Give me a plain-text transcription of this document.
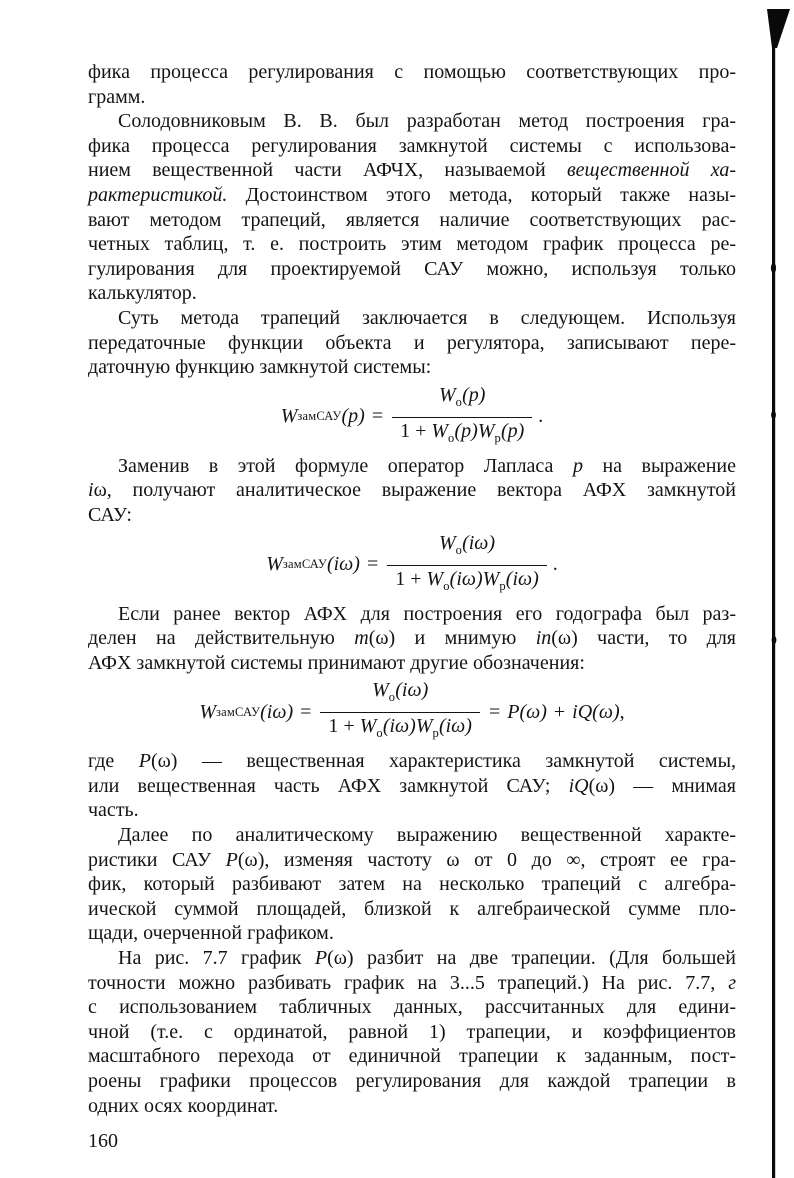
фика процесса регулирования с помощью соответствующих про-
грамм.
Солодовниковым В. В. был разработан метод построения гра-
фика процесса регулирования замкнутой системы с использова-
нием вещественной части АФЧХ, называемой вещественной ха-
рактеристикой. Достоинством этого метода, который также назы-
вают методом трапеций, является наличие соответствующих рас-
четных таблиц, т. е. построить этим методом график процесса ре-
гулирования для проектируемой САУ можно, используя только
калькулятор.
Суть метода трапеций заключается в следующем. Используя
передаточные функции объекта и регулятора, записывают пере-
даточную функцию замкнутой системы:
W замСАУ $(p) = \frac{W_о(p)}{1 + W_о(p)W_р(p)}$ .
Заменив в этой формуле оператор Лапласа p на выражение
iω, получают аналитическое выражение вектора АФХ замкнутой
САУ:
W замСАУ $(i\omega) = \frac{W_о(i\omega)}{1 + W_о(i\omega)W_р(i\omega)}$ .
Если ранее вектор АФХ для построения его годографа был раз-
делен на действительную m(ω) и мнимую in(ω) части, то для
АФХ замкнутой системы принимают другие обозначения:
W замСАУ $(i\omega) = \frac{W_о(i\omega)}{1 + W_о(i\omega)W_р(i\omega)} = P$ (ω) + iQ (ω) ,
где P(ω) — вещественная характеристика замкнутой системы,
или вещественная часть АФХ замкнутой САУ; iQ(ω) — мнимая
часть.
Далее по аналитическому выражению вещественной характе-
ристики САУ P(ω), изменяя частоту ω от 0 до ∞, строят ее гра-
фик, который разбивают затем на несколько трапеций с алгебра-
ической суммой площадей, близкой к алгебраической сумме пло-
щади, очерченной графиком.
На рис. 7.7 график P(ω) разбит на две трапеции. (Для большей
точности можно разбивать график на 3...5 трапеций.) На рис. 7.7, г
с использованием табличных данных, рассчитанных для едини-
чной (т.е. с ординатой, равной 1) трапеции, и коэффициентов
масштабного перехода от единичной трапеции к заданным, пост-
роены графики процессов регулирования для каждой трапеции в
одних осях координат.
160
